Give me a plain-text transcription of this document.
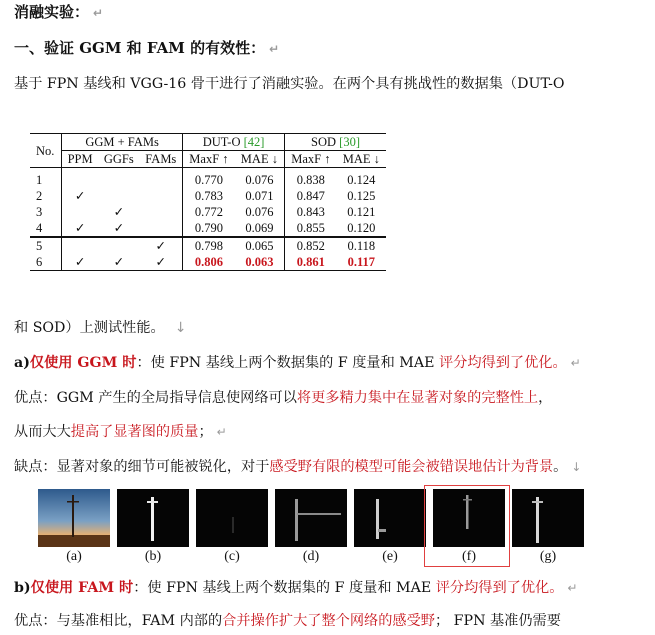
消融实验： ↵
一、验证 GGM 和 FAM 的有效性： ↵
基于 FPN 基线和 VGG-16 骨干进行了消融实验。在两个具有挑战性的数据集（DUT-O
No.	GGM + FAMs			DUT-O [42]		SOD [30]	
	PPM	GGFs	FAMs	MaxF ↑	MAE ↓	MaxF ↑	MAE ↓

1				0.770	0.076	0.838	0.124
2	✓			0.783	0.071	0.847	0.125
3		✓		0.772	0.076	0.843	0.121
4	✓	✓		0.790	0.069	0.855	0.120
5			✓	0.798	0.065	0.852	0.118
6	✓	✓	✓	0.806	0.063	0.861	0.117
和 SOD）上测试性能。 ↓
a)仅使用 GGM 时：使 FPN 基线上两个数据集的 F 度量和 MAE 评分均得到了优化。 ↵
优点：GGM 产生的全局指导信息使网络可以将更多精力集中在显著对象的完整性上，
从而大大提高了显著图的质量； ↵
缺点：显著对象的细节可能被锐化，对于感受野有限的模型可能会被错误地估计为背景。 ↓
(a)	(b)	(c)	(d)	(e)	(f)	(g)
b)仅使用 FAM 时：使 FPN 基线上两个数据集的 F 度量和 MAE 评分均得到了优化。 ↵
优点：与基准相比，FAM 内部的合并操作扩大了整个网络的感受野； FPN 基准仍需要
